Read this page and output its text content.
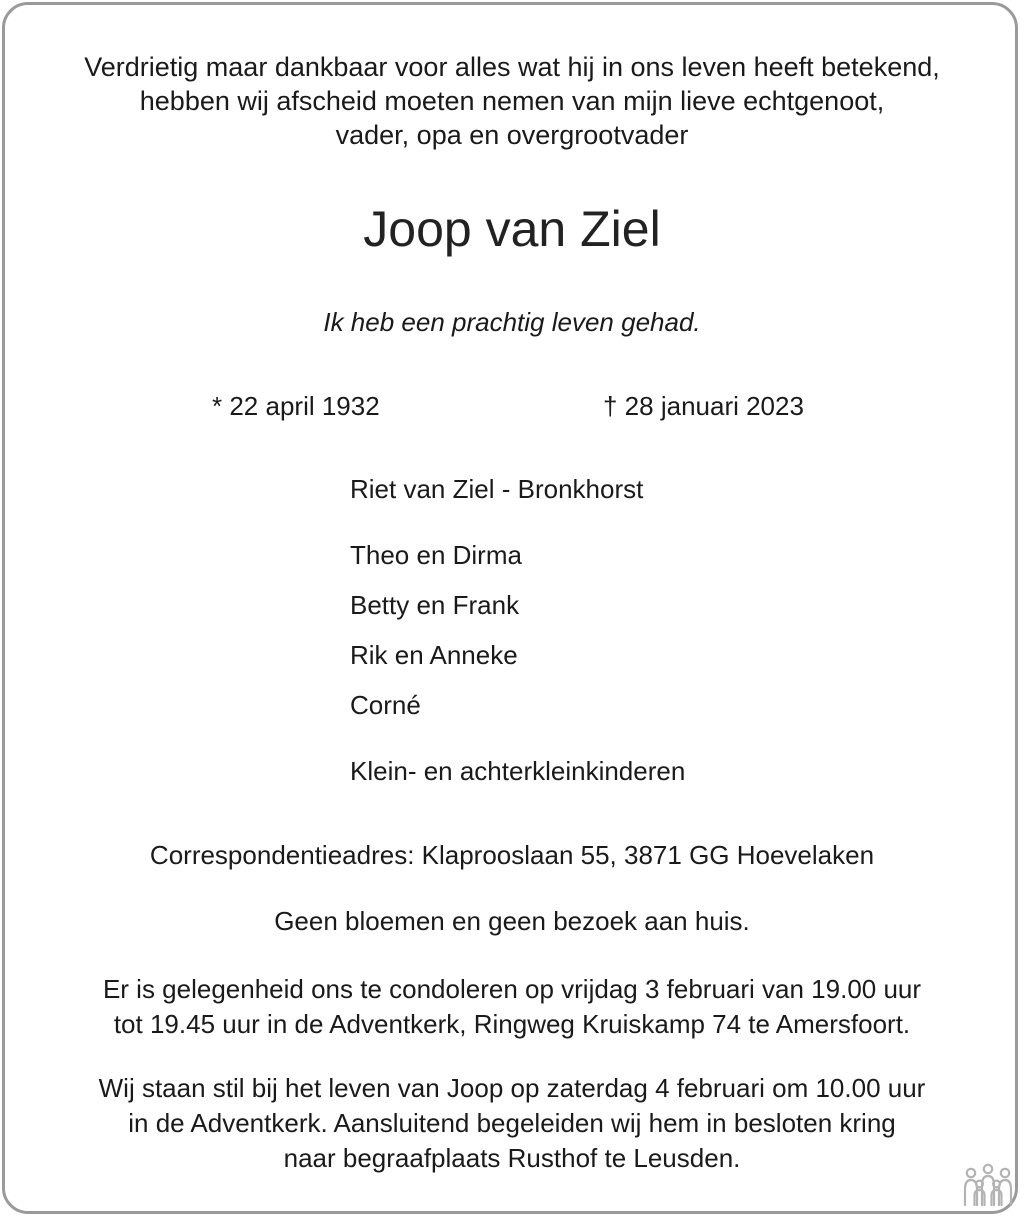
Verdrietig maar dankbaar voor alles wat hij in ons leven heeft betekend,
hebben wij afscheid moeten nemen van mijn lieve echtgenoot,
vader, opa en overgrootvader
Joop van Ziel
Ik heb een prachtig leven gehad.
* 22 april 1932	† 28 januari 2023
Riet van Ziel - Bronkhorst
Theo en Dirma
Betty en Frank
Rik en Anneke
Corné
Klein- en achterkleinkinderen
Correspondentieadres: Klaprooslaan 55, 3871 GG Hoevelaken
Geen bloemen en geen bezoek aan huis.
Er is gelegenheid ons te condoleren op vrijdag 3 februari van 19.00 uur
tot 19.45 uur in de Adventkerk, Ringweg Kruiskamp 74 te Amersfoort.
Wij staan stil bij het leven van Joop op zaterdag 4 februari om 10.00 uur
in de Adventkerk. Aansluitend begeleiden wij hem in besloten kring
naar begraafplaats Rusthof te Leusden.
